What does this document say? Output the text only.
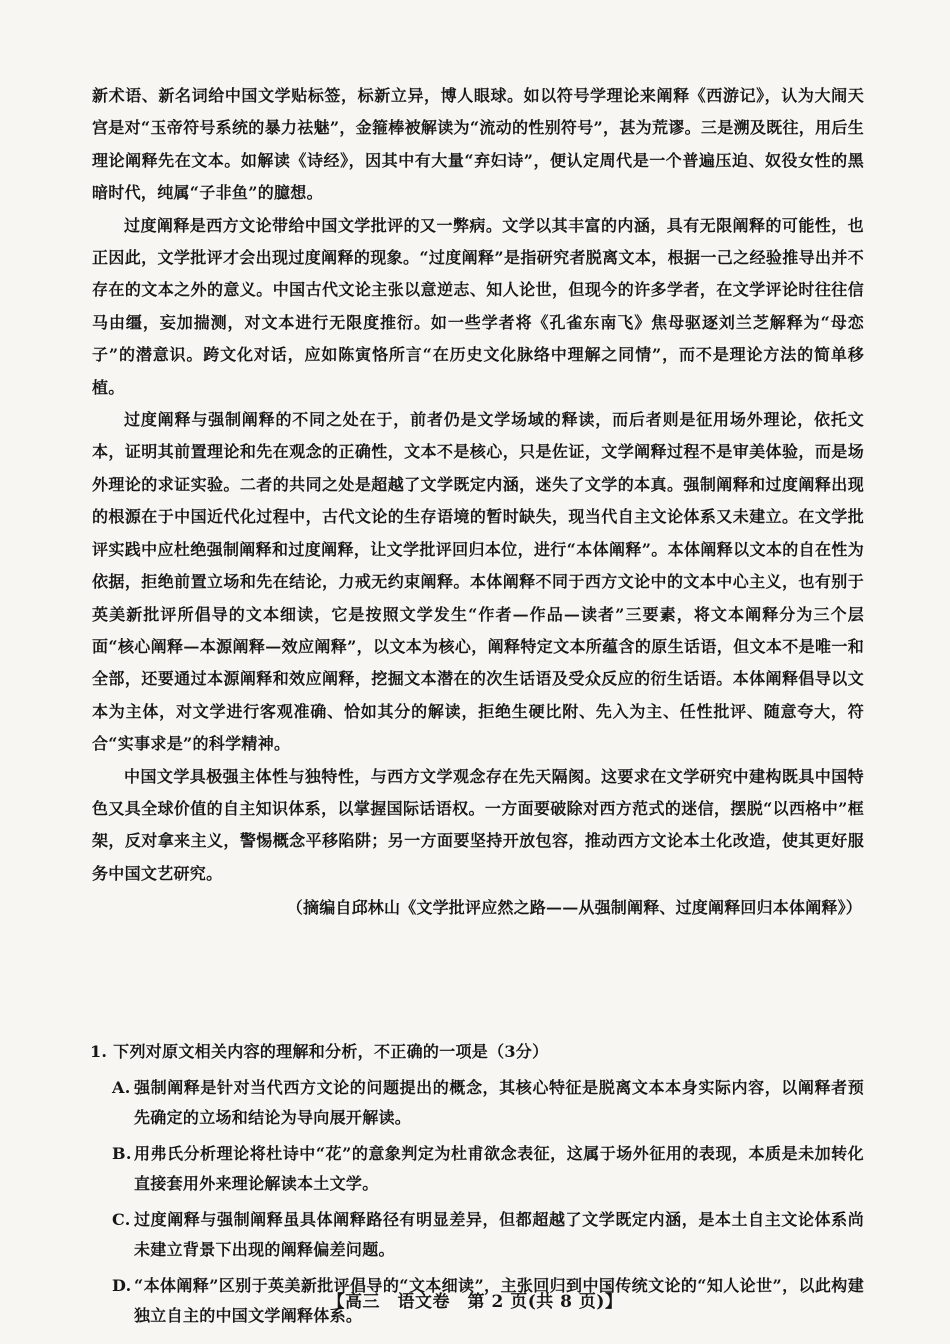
新术语、新名词给中国文学贴标签，标新立异，博人眼球。如以符号学理论来阐释《西游记》，认为大闹天宫是对“玉帝符号系统的暴力祛魅”，金箍棒被解读为“流动的性别符号”，甚为荒谬。三是溯及既往，用后生理论阐释先在文本。如解读《诗经》，因其中有大量“弃妇诗”，便认定周代是一个普遍压迫、奴役女性的黑暗时代，纯属“子非鱼”的臆想。

过度阐释是西方文论带给中国文学批评的又一弊病。文学以其丰富的内涵，具有无限阐释的可能性，也正因此，文学批评才会出现过度阐释的现象。“过度阐释”是指研究者脱离文本，根据一己之经验推导出并不存在的文本之外的意义。中国古代文论主张以意逆志、知人论世，但现今的许多学者，在文学评论时往往信马由缰，妄加揣测，对文本进行无限度推衍。如一些学者将《孔雀东南飞》焦母驱逐刘兰芝解释为“母恋子”的潜意识。跨文化对话，应如陈寅恪所言“在历史文化脉络中理解之同情”，而不是理论方法的简单移植。

过度阐释与强制阐释的不同之处在于，前者仍是文学场域的释读，而后者则是征用场外理论，依托文本，证明其前置理论和先在观念的正确性，文本不是核心，只是佐证，文学阐释过程不是审美体验，而是场外理论的求证实验。二者的共同之处是超越了文学既定内涵，迷失了文学的本真。强制阐释和过度阐释出现的根源在于中国近代化过程中，古代文论的生存语境的暂时缺失，现当代自主文论体系又未建立。在文学批评实践中应杜绝强制阐释和过度阐释，让文学批评回归本位，进行“本体阐释”。本体阐释以文本的自在性为依据，拒绝前置立场和先在结论，力戒无约束阐释。本体阐释不同于西方文论中的文本中心主义，也有别于英美新批评所倡导的文本细读，它是按照文学发生“作者—作品—读者”三要素，将文本阐释分为三个层面“核心阐释—本源阐释—效应阐释”，以文本为核心，阐释特定文本所蕴含的原生话语，但文本不是唯一和全部，还要通过本源阐释和效应阐释，挖掘文本潜在的次生话语及受众反应的衍生话语。本体阐释倡导以文本为主体，对文学进行客观准确、恰如其分的解读，拒绝生硬比附、先入为主、任性批评、随意夸大，符合“实事求是”的科学精神。

中国文学具极强主体性与独特性，与西方文学观念存在先天隔阂。这要求在文学研究中建构既具中国特色又具全球价值的自主知识体系，以掌握国际话语权。一方面要破除对西方范式的迷信，摆脱“以西格中”框架，反对拿来主义，警惕概念平移陷阱；另一方面要坚持开放包容，推动西方文论本土化改造，使其更好服务中国文艺研究。

（摘编自邱林山《文学批评应然之路——从强制阐释、过度阐释回归本体阐释》）

1. 下列对原文相关内容的理解和分析，不正确的一项是（3分）

A. 强制阐释是针对当代西方文论的问题提出的概念，其核心特征是脱离文本本身实际内容，以阐释者预先确定的立场和结论为导向展开解读。
B. 用弗氏分析理论将杜诗中“花”的意象判定为杜甫欲念表征，这属于场外征用的表现，本质是未加转化直接套用外来理论解读本土文学。
C. 过度阐释与强制阐释虽具体阐释路径有明显差异，但都超越了文学既定内涵，是本土自主文论体系尚未建立背景下出现的阐释偏差问题。
D. “本体阐释”区别于英美新批评倡导的“文本细读”，主张回归到中国传统文论的“知人论世”，以此构建独立自主的中国文学阐释体系。
【高三　语文卷　第 2 页(共 8 页)】
